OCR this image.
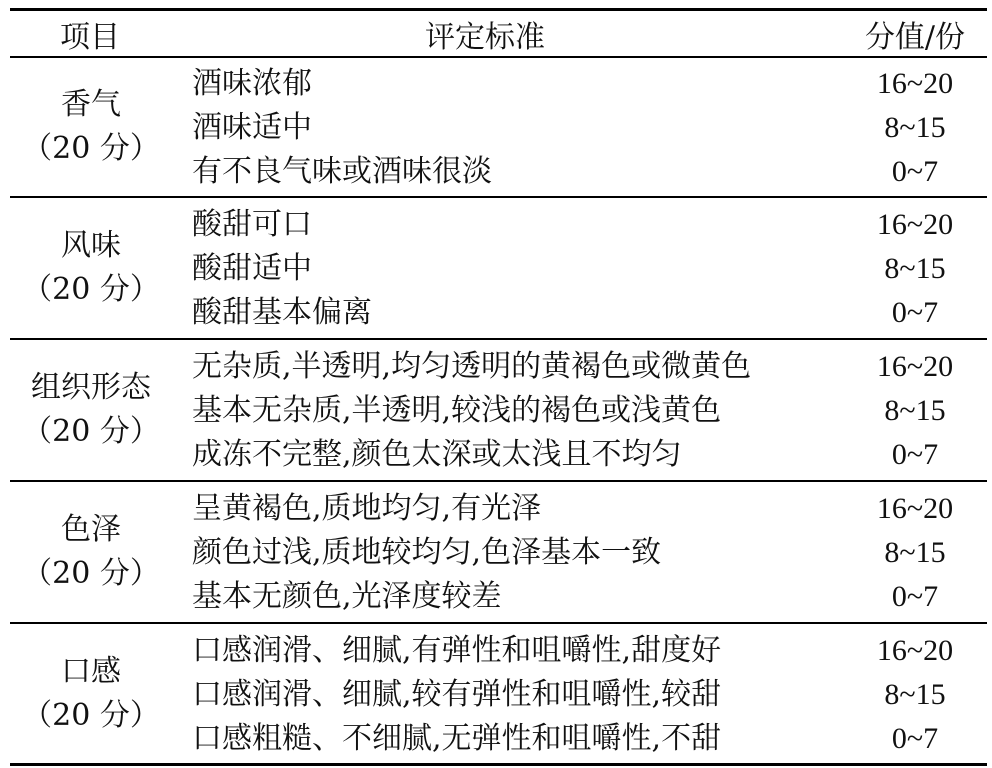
项目	评定标准	分值/份
香气
（20 分）
酒味浓郁
酒味适中
有不良气味或酒味很淡
16~20
8~15
0~7
风味
（20 分）
酸甜可口
酸甜适中
酸甜基本偏离
16~20
8~15
0~7
组织形态
（20 分）
无杂质,半透明,均匀透明的黄褐色或微黄色
基本无杂质,半透明,较浅的褐色或浅黄色
成冻不完整,颜色太深或太浅且不均匀
16~20
8~15
0~7
色泽
（20 分）
呈黄褐色,质地均匀,有光泽
颜色过浅,质地较均匀,色泽基本一致
基本无颜色,光泽度较差
16~20
8~15
0~7
口感
（20 分）
口感润滑、细腻,有弹性和咀嚼性,甜度好
口感润滑、细腻,较有弹性和咀嚼性,较甜
口感粗糙、不细腻,无弹性和咀嚼性,不甜
16~20
8~15
0~7
